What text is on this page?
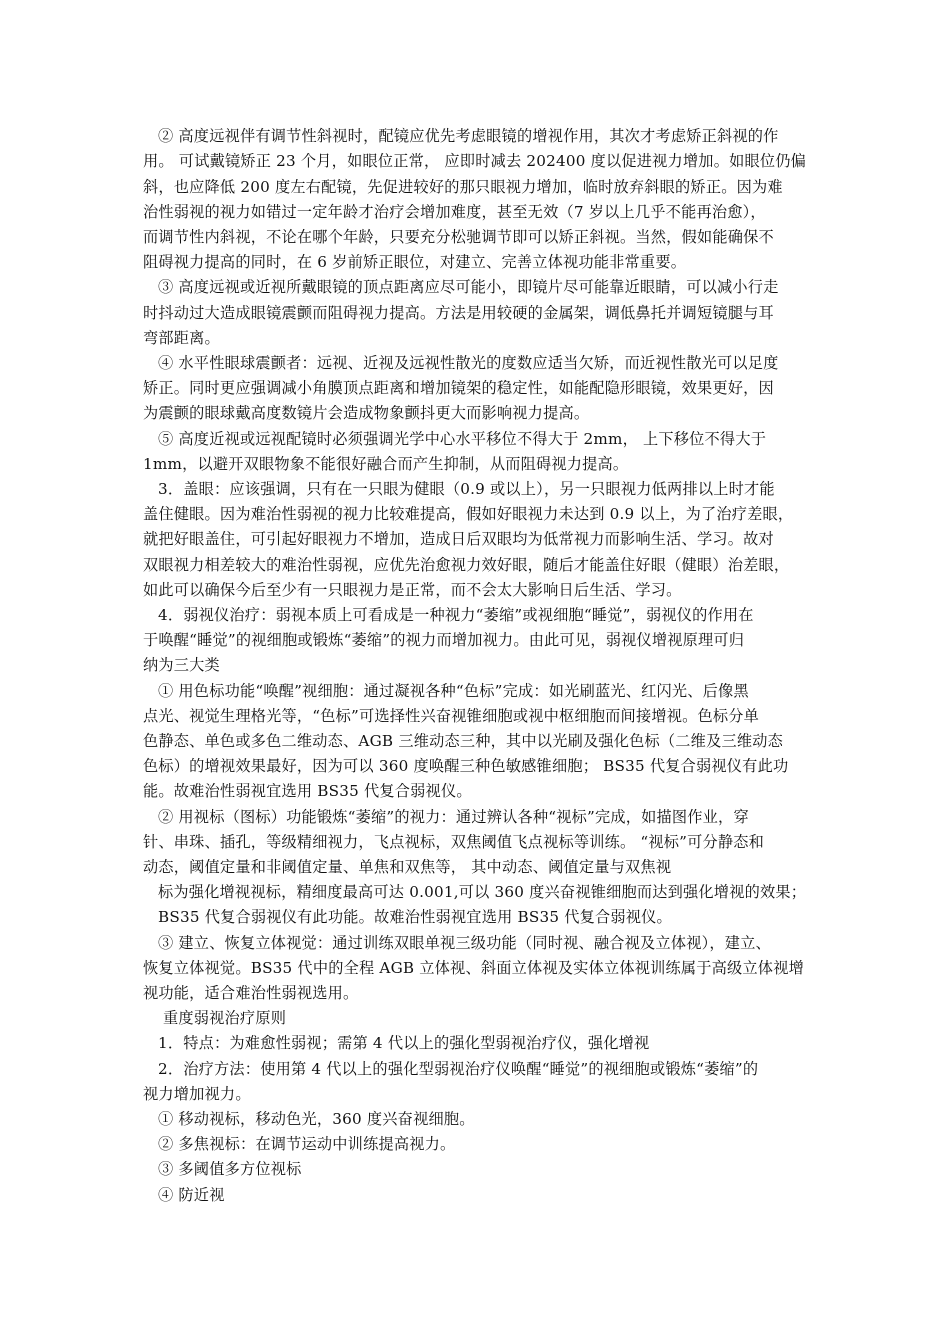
② 高度远视伴有调节性斜视时，配镜应优先考虑眼镜的增视作用，其次才考虑矫正斜视的作
用。 可试戴镜矫正 23 个月，如眼位正常， 应即时减去 202400 度以促进视力增加。如眼位仍偏
斜，也应降低 200 度左右配镜，先促进较好的那只眼视力增加，临时放弃斜眼的矫正。因为难
治性弱视的视力如错过一定年龄才治疗会增加难度，甚至无效（7 岁以上几乎不能再治愈），
而调节性内斜视，不论在哪个年龄，只要充分松驰调节即可以矫正斜视。当然，假如能确保不
阻碍视力提高的同时，在 6 岁前矫正眼位，对建立、完善立体视功能非常重要。
③ 高度远视或近视所戴眼镜的顶点距离应尽可能小，即镜片尽可能靠近眼睛，可以减小行走
时抖动过大造成眼镜震颤而阻碍视力提高。方法是用较硬的金属架，调低鼻托并调短镜腿与耳
弯部距离。
④ 水平性眼球震颤者：远视、近视及远视性散光的度数应适当欠矫，而近视性散光可以足度
矫正。同时更应强调减小角膜顶点距离和增加镜架的稳定性，如能配隐形眼镜，效果更好，因
为震颤的眼球戴高度数镜片会造成物象颤抖更大而影响视力提高。
⑤ 高度近视或远视配镜时必须强调光学中心水平移位不得大于 2mm， 上下移位不得大于
1mm，以避开双眼物象不能很好融合而产生抑制，从而阻碍视力提高。
3．盖眼：应该强调，只有在一只眼为健眼（0.9 或以上），另一只眼视力低两排以上时才能
盖住健眼。因为难治性弱视的视力比较难提高，假如好眼视力未达到 0.9 以上，为了治疗差眼，
就把好眼盖住，可引起好眼视力不增加，造成日后双眼均为低常视力而影响生活、学习。故对
双眼视力相差较大的难治性弱视，应优先治愈视力效好眼，随后才能盖住好眼（健眼）治差眼，
如此可以确保今后至少有一只眼视力是正常，而不会太大影响日后生活、学习。
4．弱视仪治疗：弱视本质上可看成是一种视力“萎缩”或视细胞“睡觉”，弱视仪的作用在
于唤醒“睡觉”的视细胞或锻炼“萎缩”的视力而增加视力。由此可见，弱视仪增视原理可归
纳为三大类
① 用色标功能“唤醒”视细胞：通过凝视各种“色标”完成：如光刷蓝光、红闪光、后像黑
点光、视觉生理格光等，“色标”可选择性兴奋视锥细胞或视中枢细胞而间接增视。色标分单
色静态、单色或多色二维动态、AGB 三维动态三种，其中以光刷及强化色标（二维及三维动态
色标）的增视效果最好，因为可以 360 度唤醒三种色敏感锥细胞； BS35 代复合弱视仪有此功
能。故难治性弱视宜选用 BS35 代复合弱视仪。
② 用视标（图标）功能锻炼“萎缩”的视力：通过辨认各种“视标”完成，如描图作业，穿
针、串珠、插孔，等级精细视力，飞点视标，双焦阈值飞点视标等训练。 “视标”可分静态和
动态，阈值定量和非阈值定量、单焦和双焦等， 其中动态、阈值定量与双焦视
标为强化增视视标，精细度最高可达 0.001,可以 360 度兴奋视锥细胞而达到强化增视的效果；
BS35 代复合弱视仪有此功能。故难治性弱视宜选用 BS35 代复合弱视仪。
③ 建立、恢复立体视觉：通过训练双眼单视三级功能（同时视、融合视及立体视），建立、
恢复立体视觉。BS35 代中的全程 AGB 立体视、斜面立体视及实体立体视训练属于高级立体视增
视功能，适合难治性弱视选用。
重度弱视治疗原则
1．特点：为难愈性弱视；需第 4 代以上的强化型弱视治疗仪，强化增视
2．治疗方法：使用第 4 代以上的强化型弱视治疗仪唤醒“睡觉”的视细胞或锻炼“萎缩”的
视力增加视力。
① 移动视标，移动色光，360 度兴奋视细胞。
② 多焦视标：在调节运动中训练提高视力。
③ 多阈值多方位视标
④ 防近视
